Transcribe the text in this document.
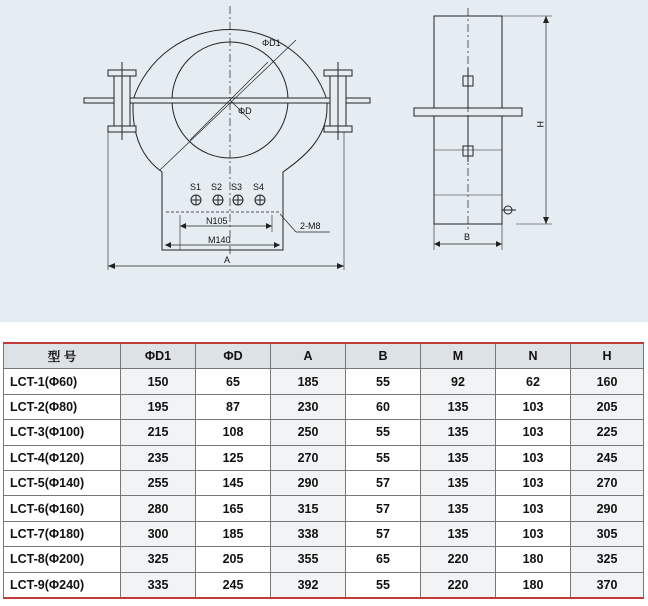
ΦD1
ΦD
S1 S2 S3 S4
N105
M140
2-M8
A
H
B
型 号	ΦD1	ΦD	A	B	M	N	H
LCT-1(Φ60)	150	65	185	55	92	62	160
LCT-2(Φ80)	195	87	230	60	135	103	205
LCT-3(Φ100)	215	108	250	55	135	103	225
LCT-4(Φ120)	235	125	270	55	135	103	245
LCT-5(Φ140)	255	145	290	57	135	103	270
LCT-6(Φ160)	280	165	315	57	135	103	290
LCT-7(Φ180)	300	185	338	57	135	103	305
LCT-8(Φ200)	325	205	355	65	220	180	325
LCT-9(Φ240)	335	245	392	55	220	180	370
